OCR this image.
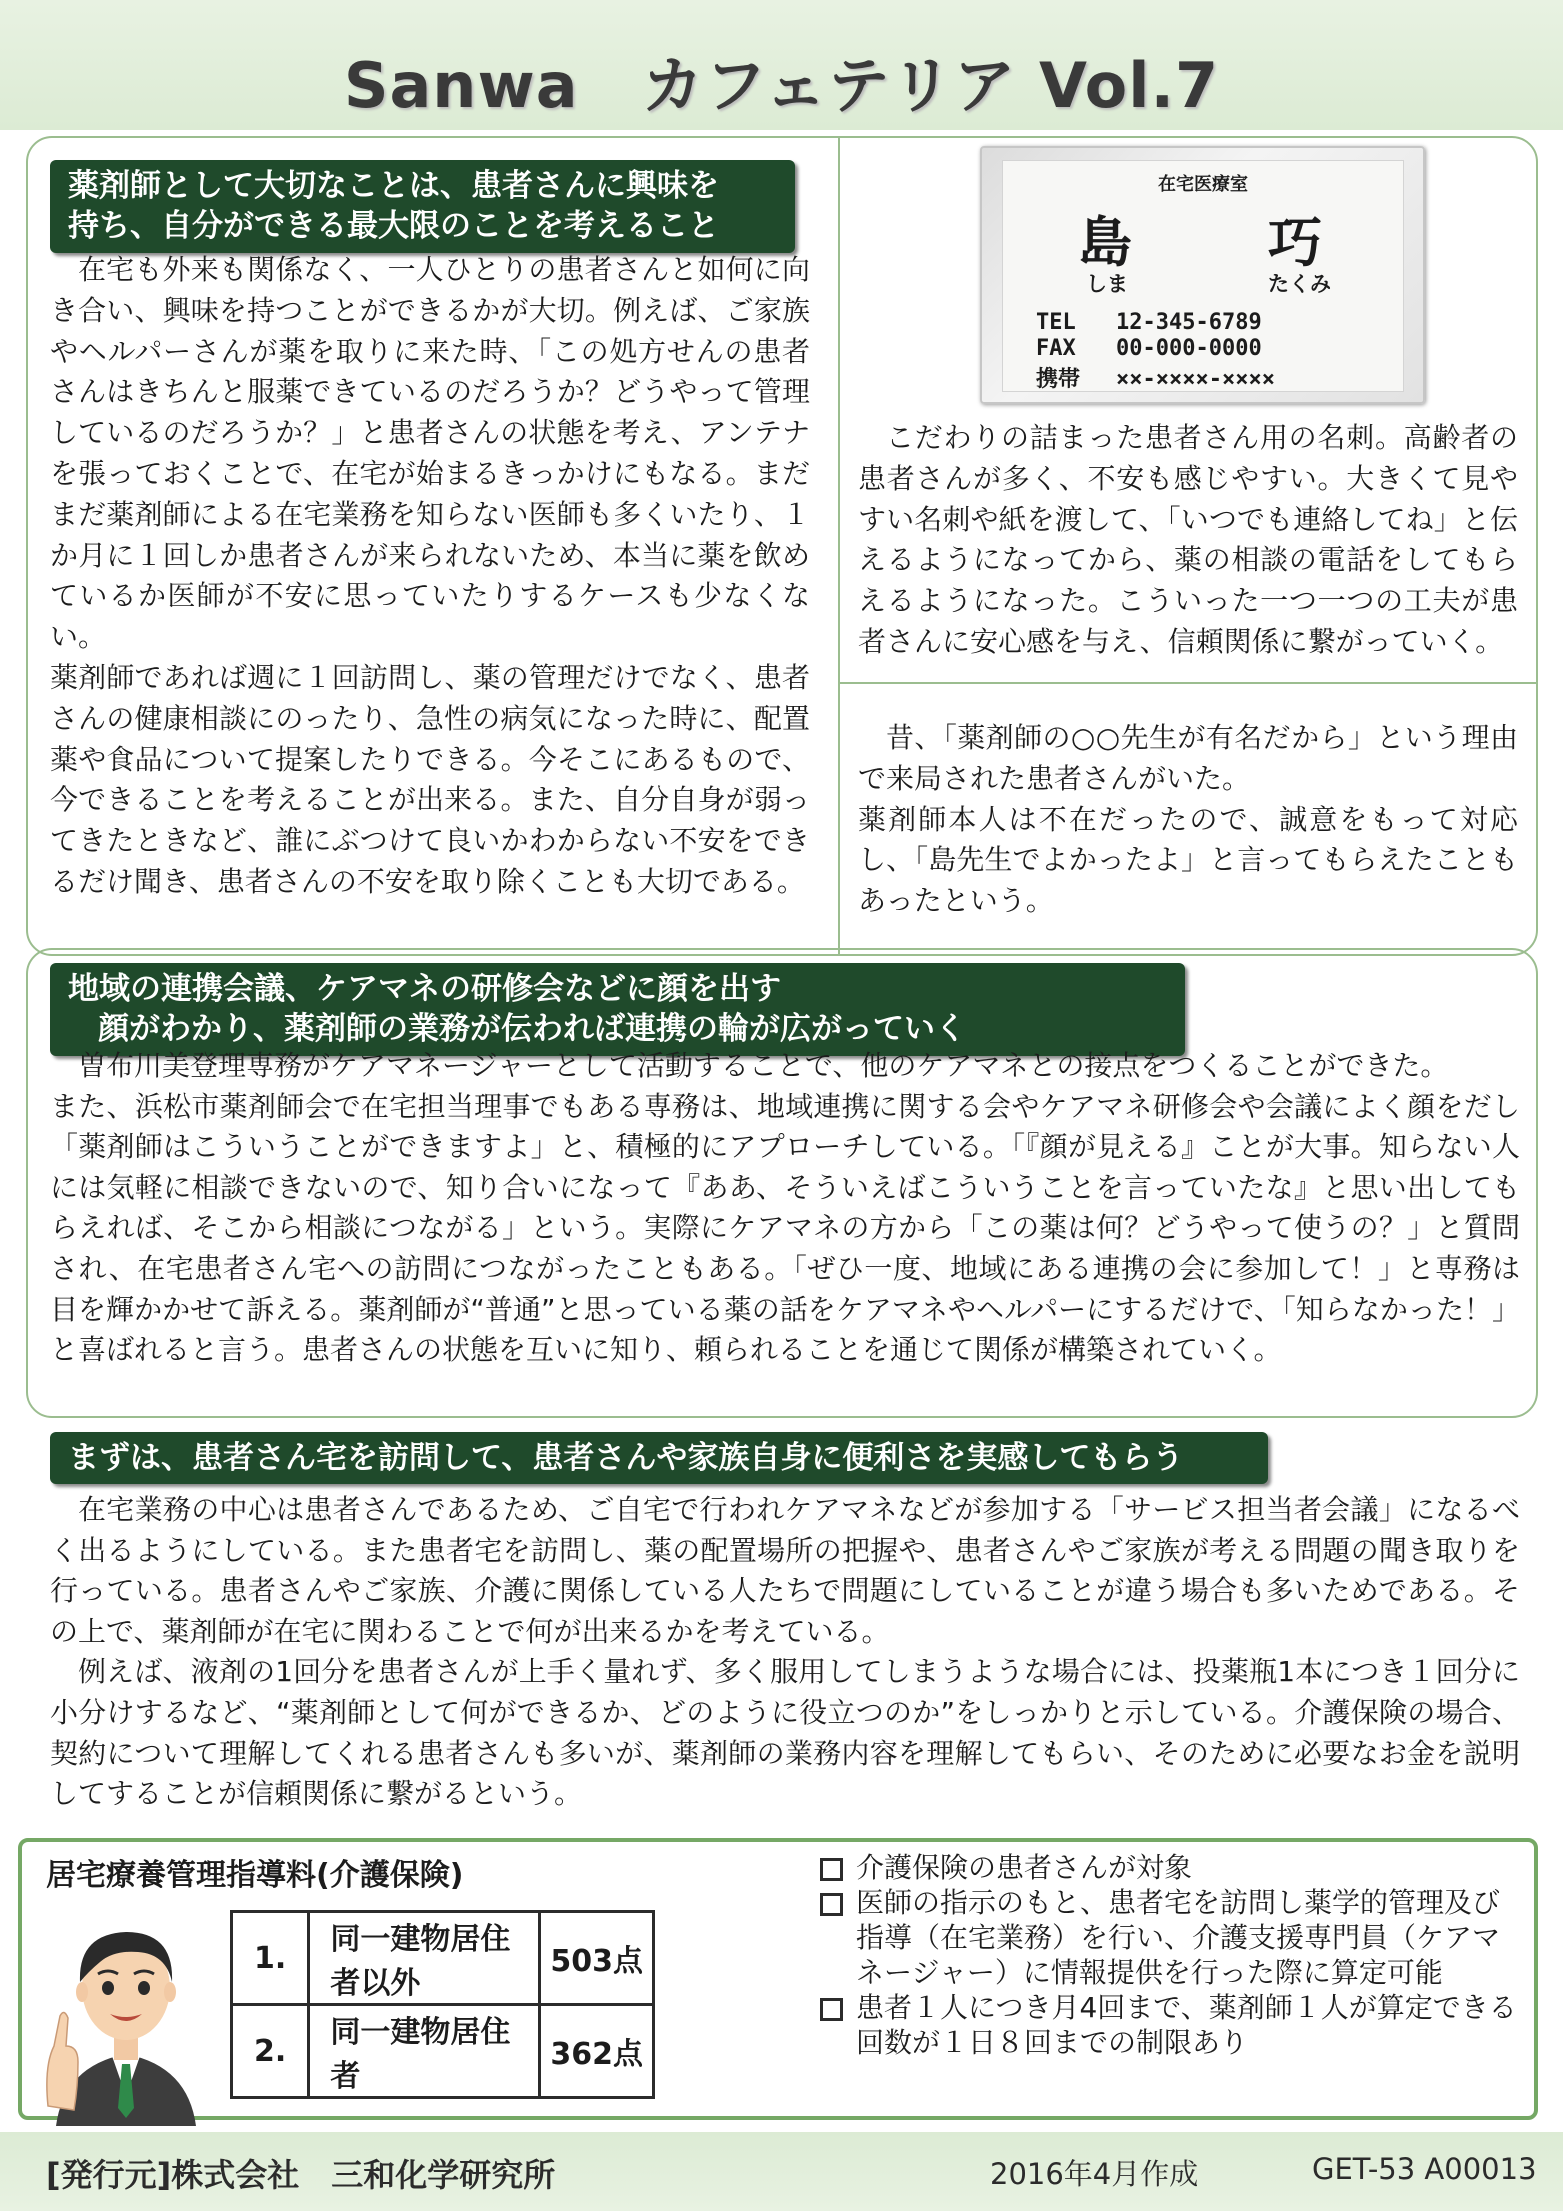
Sanwa　カフェテリア Vol.7
薬剤師として大切なことは、患者さんに興味を
持ち、自分ができる最大限のことを考えること

在宅も外来も関係なく、一人ひとりの患者さんと如何に向き合い、興味を持つことができるかが大切。例えば、ご家族やヘルパーさんが薬を取りに来た時、「この処方せんの患者さんはきちんと服薬できているのだろうか？どうやって管理しているのだろうか？」と患者さんの状態を考え、アンテナを張っておくことで、在宅が始まるきっかけにもなる。まだまだ薬剤師による在宅業務を知らない医師も多くいたり、１か月に１回しか患者さんが来られないため、本当に薬を飲めているか医師が不安に思っていたりするケースも少なくない。

薬剤師であれば週に１回訪問し、薬の管理だけでなく、患者さんの健康相談にのったり、急性の病気になった時に、配置薬や食品について提案したりできる。今そこにあるもので、今できることを考えることが出来る。また、自分自身が弱ってきたときなど、誰にぶつけて良いかわからない不安をできるだけ聞き、患者さんの不安を取り除くことも大切である。

在宅医療室
島	巧
しま	たくみ
TEL 12-345-6789
FAX 00-000-0000
携帯 ××-××××-××××

こだわりの詰まった患者さん用の名刺。高齢者の患者さんが多く、不安も感じやすい。大きくて見やすい名刺や紙を渡して、「いつでも連絡してね」と伝えるようになってから、薬の相談の電話をしてもらえるようになった。こういった一つ一つの工夫が患者さんに安心感を与え、信頼関係に繋がっていく。

昔、「薬剤師の○○先生が有名だから」という理由で来局された患者さんがいた。

薬剤師本人は不在だったので、誠意をもって対応し、「島先生でよかったよ」と言ってもらえたこともあったという。

地域の連携会議、ケアマネの研修会などに顔を出す
顔がわかり、薬剤師の業務が伝われば連携の輪が広がっていく

曽布川美登理専務がケアマネージャーとして活動することで、他のケアマネとの接点をつくることができた。

また、浜松市薬剤師会で在宅担当理事でもある専務は、地域連携に関する会やケアマネ研修会や会議によく顔をだし「薬剤師はこういうことができますよ」と、積極的にアプローチしている。「『顔が見える』ことが大事。知らない人には気軽に相談できないので、知り合いになって『ああ、そういえばこういうことを言っていたな』と思い出してもらえれば、そこから相談につながる」という。実際にケアマネの方から「この薬は何？どうやって使うの？」と質問され、在宅患者さん宅への訪問につながったこともある。「ぜひ一度、地域にある連携の会に参加して！」と専務は目を輝かかせて訴える。薬剤師が“普通”と思っている薬の話をケアマネやヘルパーにするだけで、「知らなかった！」と喜ばれると言う。患者さんの状態を互いに知り、頼られることを通じて関係が構築されていく。

まずは、患者さん宅を訪問して、患者さんや家族自身に便利さを実感してもらう

在宅業務の中心は患者さんであるため、ご自宅で行われケアマネなどが参加する「サービス担当者会議」になるべく出るようにしている。また患者宅を訪問し、薬の配置場所の把握や、患者さんやご家族が考える問題の聞き取りを行っている。患者さんやご家族、介護に関係している人たちで問題にしていることが違う場合も多いためである。その上で、薬剤師が在宅に関わることで何が出来るかを考えている。

例えば、液剤の1回分を患者さんが上手く量れず、多く服用してしまうような場合には、投薬瓶1本につき１回分に小分けするなど、“薬剤師として何ができるか、どのように役立つのか”をしっかりと示している。介護保険の場合、契約について理解してくれる患者さんも多いが、薬剤師の業務内容を理解してもらい、そのために必要なお金を説明してすることが信頼関係に繋がるという。

居宅療養管理指導料(介護保険)
1.	同一建物居住者以外	503点
2.	同一建物居住者	362点
介護保険の患者さんが対象
医師の指示のもと、患者宅を訪問し薬学的管理及び指導（在宅業務）を行い、介護支援専門員（ケアマネージャー）に情報提供を行った際に算定可能
患者１人につき月4回まで、薬剤師１人が算定できる回数が１日８回までの制限あり
[発行元]株式会社　三和化学研究所	2016年4月作成	GET-53 A00013
